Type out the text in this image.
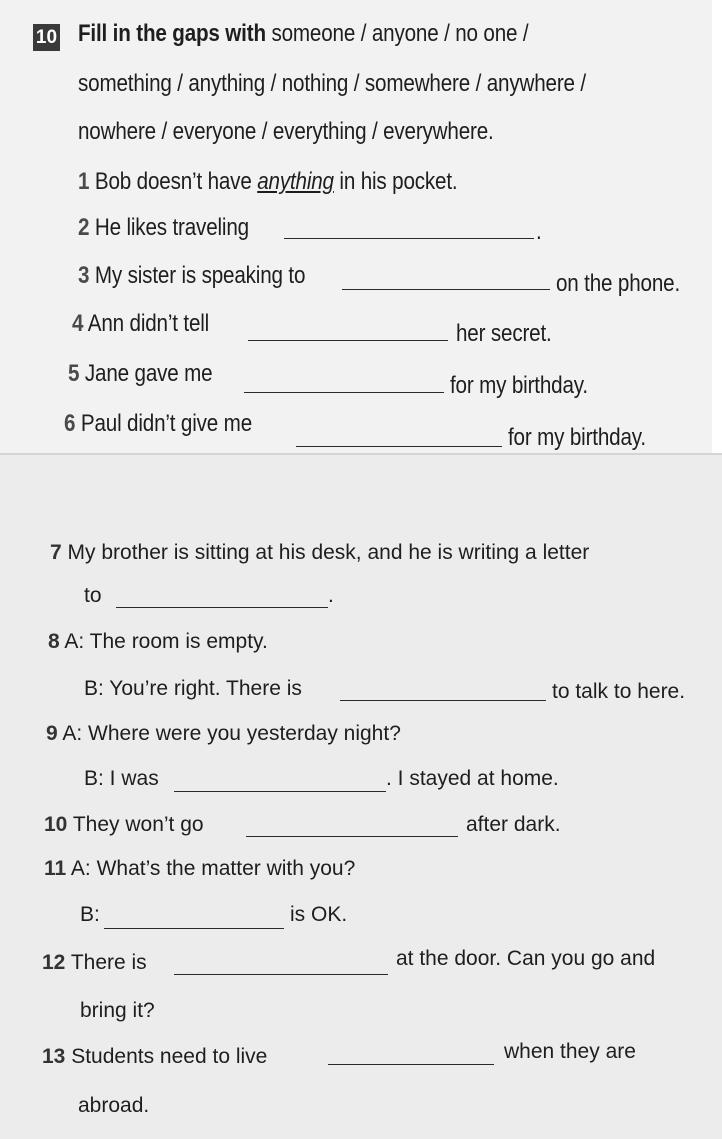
10 Fill in the gaps with someone / anyone / no one /
something / anything / nothing / somewhere / anywhere /
nowhere / everyone / everything / everywhere.
1 Bob doesn’t have anything in his pocket.
2 He likes traveling	.
3 My sister is speaking to	on the phone.
4 Ann didn’t tell	her secret.
5 Jane gave me	for my birthday.
6 Paul didn’t give me
for my birthday.
7 My brother is sitting at his desk, and he is writing a letter
to	.
8 A: The room is empty.
B: You’re right. There is	to talk to here.
9 A: Where were you yesterday night?
B: I was	. I stayed at home.
10 They won’t go	after dark.
11 A: What’s the matter with you?
B:	is OK.
12 There is	at the door. Can you go and
bring it?
13 Students need to live	when they are
abroad.
